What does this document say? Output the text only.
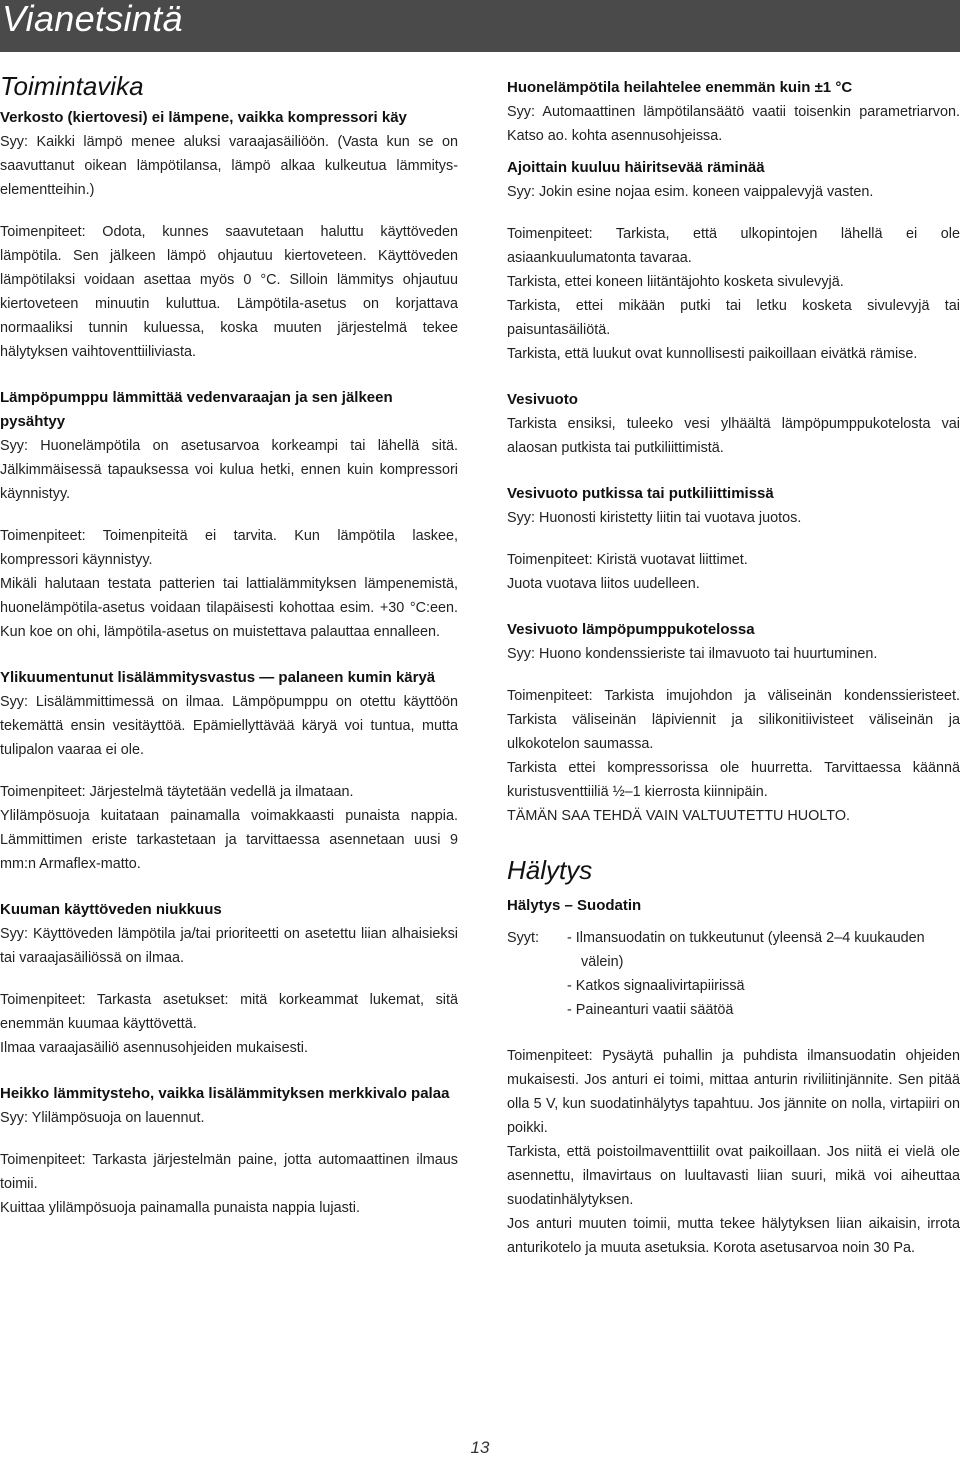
Vianetsintä
Toimintavika
Verkosto (kiertovesi) ei lämpene, vaikka kompressori käy

Syy: Kaikki lämpö menee aluksi varaajasäiliöön. (Vasta kun se on saavuttanut oikean lämpötilansa, lämpö alkaa kulkeutua lämmityselementteihin.)

Toimenpiteet: Odota, kunnes saavutetaan haluttu käyttöveden lämpötila. Sen jälkeen lämpö ohjautuu kiertoveteen. Käyttöveden lämpötilaksi voidaan asettaa myös 0 °C. Silloin lämmitys ohjautuu kiertoveteen minuutin kuluttua. Lämpötila-asetus on korjattava normaaliksi tunnin kuluessa, koska muuten järjestelmä tekee hälytyksen vaihtoventtiiliviasta.

Lämpöpumppu lämmittää vedenvaraajan ja sen jälkeen pysähtyy

Syy: Huonelämpötila on asetusarvoa korkeampi tai lähellä sitä. Jälkimmäisessä tapauksessa voi kulua hetki, ennen kuin kompressori käynnistyy.

Toimenpiteet: Toimenpiteitä ei tarvita. Kun lämpötila laskee, kompressori käynnistyy.
Mikäli halutaan testata patterien tai lattialämmityksen lämpenemistä, huonelämpötila-asetus voidaan tilapäisesti kohottaa esim. +30 °C:een. Kun koe on ohi, lämpötila-asetus on muistettava palauttaa ennalleen.

Ylikuumentunut lisälämmitysvastus — palaneen kumin käryä

Syy: Lisälämmittimessä on ilmaa. Lämpöpumppu on otettu käyttöön tekemättä ensin vesitäyttöä. Epämiellyttävää käryä voi tuntua, mutta tulipalon vaaraa ei ole.

Toimenpiteet: Järjestelmä täytetään vedellä ja ilmataan.
Ylilämpösuoja kuitataan painamalla voimakkaasti punaista nappia. Lämmittimen eriste tarkastetaan ja tarvittaessa asennetaan uusi 9 mm:n Armaflex-matto.

Kuuman käyttöveden niukkuus

Syy: Käyttöveden lämpötila ja/tai prioriteetti on asetettu liian alhaisieksi tai varaajasäiliössä on ilmaa.

Toimenpiteet: Tarkasta asetukset: mitä korkeammat lukemat, sitä enemmän kuumaa käyttövettä.
Ilmaa varaajasäiliö asennusohjeiden mukaisesti.

Heikko lämmitysteho, vaikka lisälämmityksen merkkivalo palaa

Syy: Ylilämpösuoja on lauennut.

Toimenpiteet: Tarkasta järjestelmän paine, jotta automaattinen ilmaus toimii.
Kuittaa ylilämpösuoja painamalla punaista nappia lujasti.

Huonelämpötila heilahtelee enemmän kuin ±1 °C

Syy: Automaattinen lämpötilansäätö vaatii toisenkin parametriarvon. Katso ao. kohta asennusohjeissa.

Ajoittain kuuluu häiritsevää räminää

Syy: Jokin esine nojaa esim. koneen vaippalevyjä vasten.

Toimenpiteet: Tarkista, että ulkopintojen lähellä ei ole asiaankuulumatonta tavaraa.
Tarkista, ettei koneen liitäntäjohto kosketa sivulevyjä.
Tarkista, ettei mikään putki tai letku kosketa sivulevyjä tai paisuntasäiliötä.
Tarkista, että luukut ovat kunnollisesti paikoillaan eivätkä rämise.

Vesivuoto

Tarkista ensiksi, tuleeko vesi ylhäältä lämpöpumppukotelosta vai alaosan putkista tai putkiliittimistä.

Vesivuoto putkissa tai putkiliittimissä

Syy: Huonosti kiristetty liitin tai vuotava juotos.

Toimenpiteet: Kiristä vuotavat liittimet.
Juota vuotava liitos uudelleen.

Vesivuoto lämpöpumppukotelossa

Syy: Huono kondenssieriste tai ilmavuoto tai huurtuminen.

Toimenpiteet: Tarkista imujohdon ja väliseinän kondenssieristeet. Tarkista väliseinän läpiviennit ja silikonitiivisteet väliseinän ja ulkokotelon saumassa.
Tarkista ettei kompressorissa ole huurretta. Tarvittaessa käännä kuristusventtiiliä ½–1 kierrosta kiinnipäin.
TÄMÄN SAA TEHDÄ VAIN VALTUUTETTU HUOLTO.

Hälytys
Hälytys – Suodatin
Syyt:	- Ilmansuodatin on tukkeutunut (yleensä 2–4 kuukauden välein)
- Katkos signaalivirtapiirissä
- Paineanturi vaatii säätöä

Toimenpiteet: Pysäytä puhallin ja puhdista ilmansuodatin ohjeiden mukaisesti. Jos anturi ei toimi, mittaa anturin riviliitinjännite. Sen pitää olla 5 V, kun suodatinhälytys tapahtuu. Jos jännite on nolla, virtapiiri on poikki.
Tarkista, että poistoilmaventtiilit ovat paikoillaan. Jos niitä ei vielä ole asennettu, ilmavirtaus on luultavasti liian suuri, mikä voi aiheuttaa suodatinhälytyksen.
Jos anturi muuten toimii, mutta tekee hälytyksen liian aikaisin, irrota anturikotelo ja muuta asetuksia. Korota asetusarvoa noin 30 Pa.

13
